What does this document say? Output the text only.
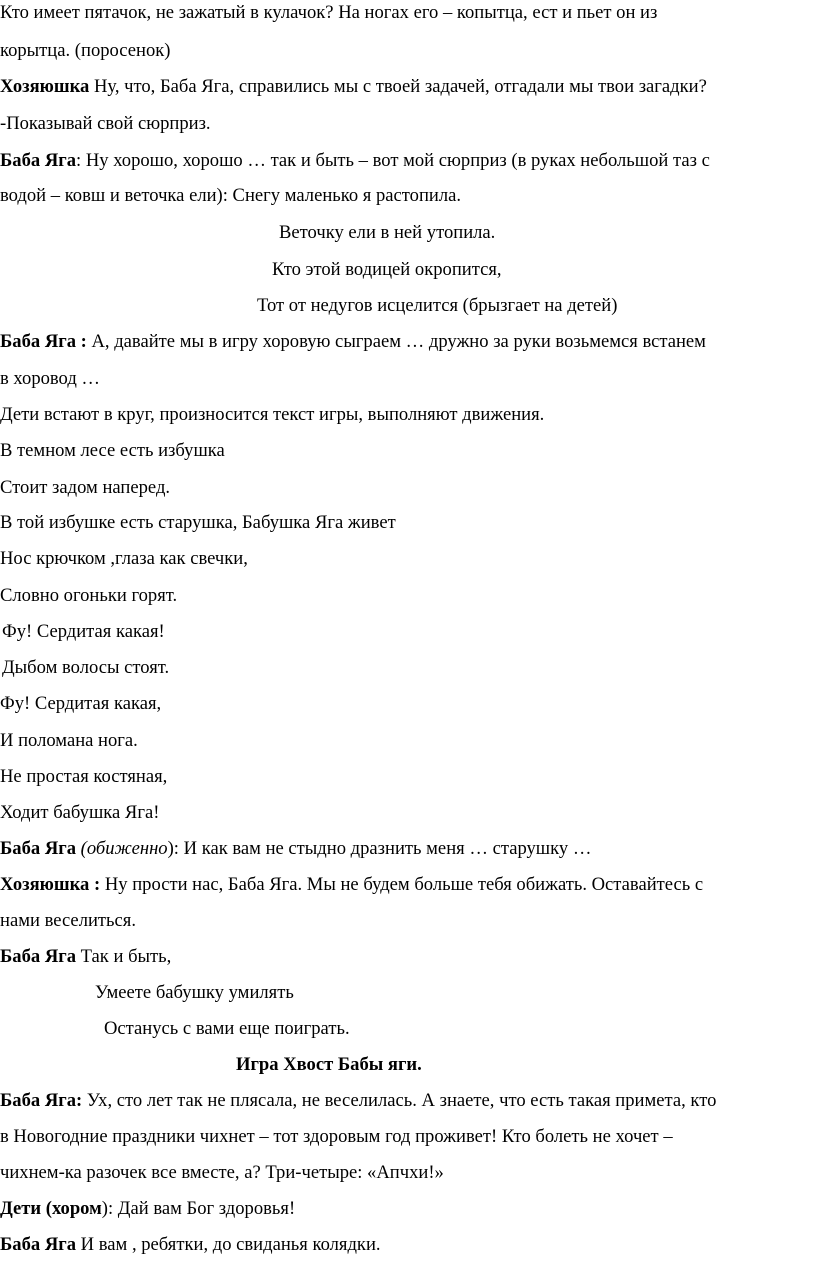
Кто имеет пятачок, не зажатый в кулачок? На ногах его – копытца, ест и пьет он из
корытца. (поросенок)
Хозяюшка Ну, что, Баба Яга, справились мы с твоей задачей, отгадали мы твои загадки?
-Показывай свой сюрприз.
Баба Яга: Ну хорошо, хорошо … так и быть – вот мой сюрприз (в руках небольшой таз с
водой – ковш и веточка ели): Снегу маленько я растопила.
Веточку ели в ней утопила.
Кто этой водицей окропится,
Тот от недугов исцелится (брызгает на детей)
Баба Яга : А, давайте мы в игру хоровую сыграем … дружно за руки возьмемся встанем
в хоровод …
Дети встают в круг, произносится текст игры, выполняют движения.
В темном лесе есть избушка
Стоит задом наперед.
В той избушке есть старушка, Бабушка Яга живет
Нос крючком ,глаза как свечки,
Словно огоньки горят.
Фу! Сердитая какая!
Дыбом волосы стоят.
Фу! Сердитая какая,
И поломана нога.
Не простая костяная,
Ходит бабушка Яга!
Баба Яга (обиженно): И как вам не стыдно дразнить меня … старушку …
Хозяюшка : Ну прости нас, Баба Яга. Мы не будем больше тебя обижать. Оставайтесь с
нами веселиться.
Баба Яга Так и быть,
Умеете бабушку умилять
Останусь с вами еще поиграть.
Игра Хвост Бабы яги.
Баба Яга: Ух, сто лет так не плясала, не веселилась. А знаете, что есть такая примета, кто
в Новогодние праздники чихнет – тот здоровым год проживет! Кто болеть не хочет –
чихнем-ка разочек все вместе, а? Три-четыре: «Апчхи!»
Дети (хором): Дай вам Бог здоровья!
Баба Яга И вам , ребятки, до свиданья колядки.
